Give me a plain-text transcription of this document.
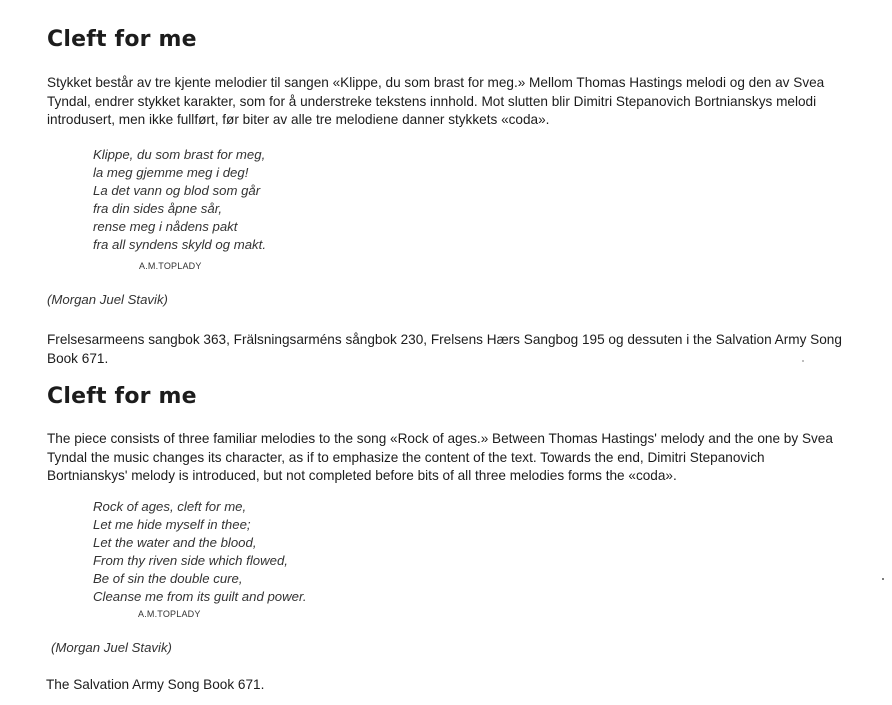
Cleft for me

Stykket består av tre kjente melodier til sangen «Klippe, du som brast for meg.» Mellom Thomas Hastings melodi og den av Svea Tyndal, endrer stykket karakter, som for å understreke tekstens innhold. Mot slutten blir Dimitri Stepanovich Bortnianskys melodi introdusert, men ikke fullført, før biter av alle tre melodiene danner stykkets «coda».

Klippe, du som brast for meg,
la meg gjemme meg i deg!
La det vann og blod som går
fra din sides åpne sår,
rense meg i nådens pakt
fra all syndens skyld og makt.
A.M.TOPLADY

(Morgan Juel Stavik)

Frelsesarmeens sangbok 363, Frälsningsarméns sångbok 230, Frelsens Hærs Sangbog 195 og dessuten i the Salvation Army Song Book 671.

Cleft for me

The piece consists of three familiar melodies to the song «Rock of ages.» Between Thomas Hastings' melody and the one by Svea Tyndal the music changes its character, as if to emphasize the content of the text. Towards the end, Dimitri Stepanovich Bortnianskys' melody is introduced, but not completed before bits of all three melodies forms the «coda».

Rock of ages, cleft for me,
Let me hide myself in thee;
Let the water and the blood,
From thy riven side which flowed,
Be of sin the double cure,
Cleanse me from its guilt and power.
A.M.TOPLADY

(Morgan Juel Stavik)

The Salvation Army Song Book 671.
